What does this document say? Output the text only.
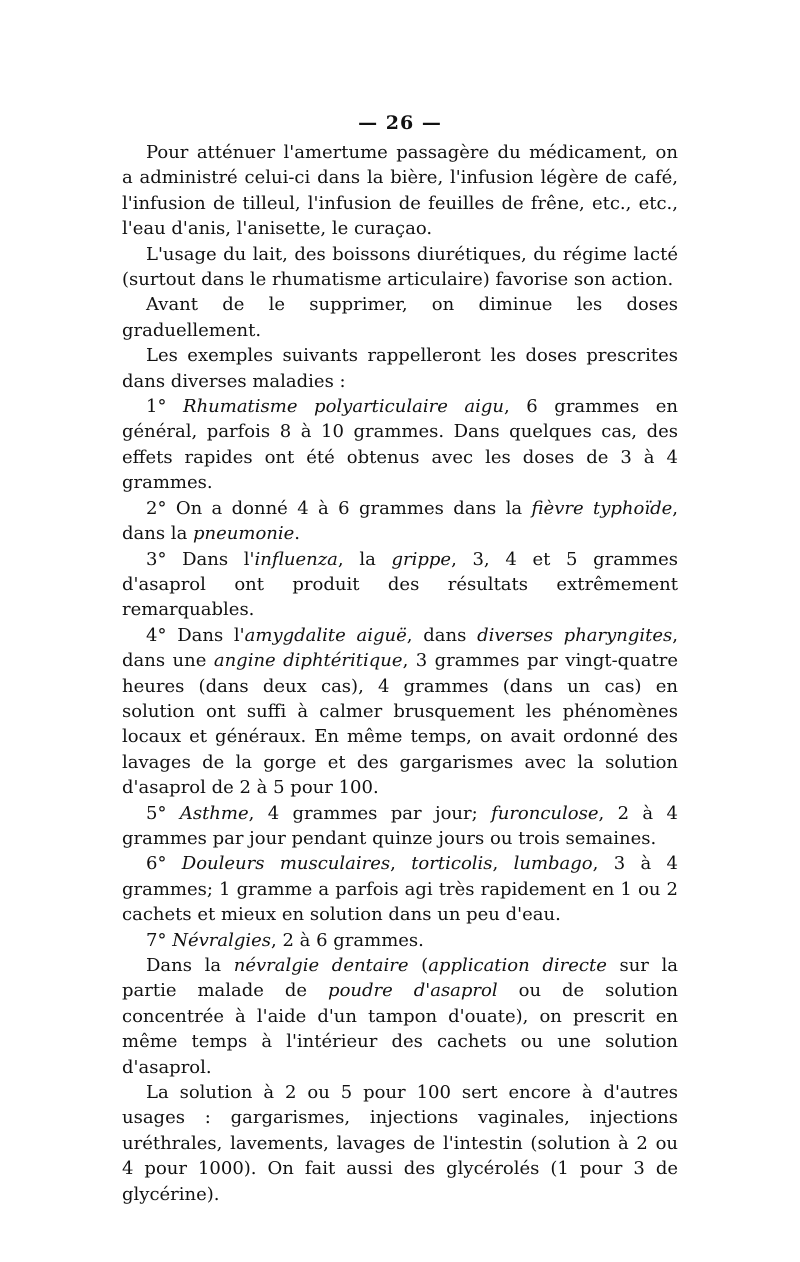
— 26 —

Pour atténuer l'amertume passagère du médicament, on a administré celui-ci dans la bière, l'infusion légère de café, l'infusion de tilleul, l'infusion de feuilles de frêne, etc., etc., l'eau d'anis, l'anisette, le curaçao.

L'usage du lait, des boissons diurétiques, du régime lacté (surtout dans le rhumatisme articulaire) favorise son action.

Avant de le supprimer, on diminue les doses graduellement.

Les exemples suivants rappelleront les doses prescrites dans diverses maladies :

1° Rhumatisme polyarticulaire aigu, 6 grammes en général, parfois 8 à 10 grammes. Dans quelques cas, des effets rapides ont été obtenus avec les doses de 3 à 4 grammes.

2° On a donné 4 à 6 grammes dans la fièvre typhoïde, dans la pneumonie.

3° Dans l'influenza, la grippe, 3, 4 et 5 grammes d'asaprol ont produit des résultats extrêmement remarquables.

4° Dans l'amygdalite aiguë, dans diverses pharyngites, dans une angine diphtéritique, 3 grammes par vingt-quatre heures (dans deux cas), 4 grammes (dans un cas) en solution ont suffi à calmer brusquement les phénomènes locaux et généraux. En même temps, on avait ordonné des lavages de la gorge et des gargarismes avec la solution d'asaprol de 2 à 5 pour 100.

5° Asthme, 4 grammes par jour; furonculose, 2 à 4 grammes par jour pendant quinze jours ou trois semaines.

6° Douleurs musculaires, torticolis, lumbago, 3 à 4 grammes; 1 gramme a parfois agi très rapidement en 1 ou 2 cachets et mieux en solution dans un peu d'eau.

7° Névralgies, 2 à 6 grammes.

Dans la névralgie dentaire (application directe sur la partie malade de poudre d'asaprol ou de solution concentrée à l'aide d'un tampon d'ouate), on prescrit en même temps à l'intérieur des cachets ou une solution d'asaprol.

La solution à 2 ou 5 pour 100 sert encore à d'autres usages : gargarismes, injections vaginales, injections uréthrales, lavements, lavages de l'intestin (solution à 2 ou 4 pour 1000). On fait aussi des glycérolés (1 pour 3 de glycérine).
